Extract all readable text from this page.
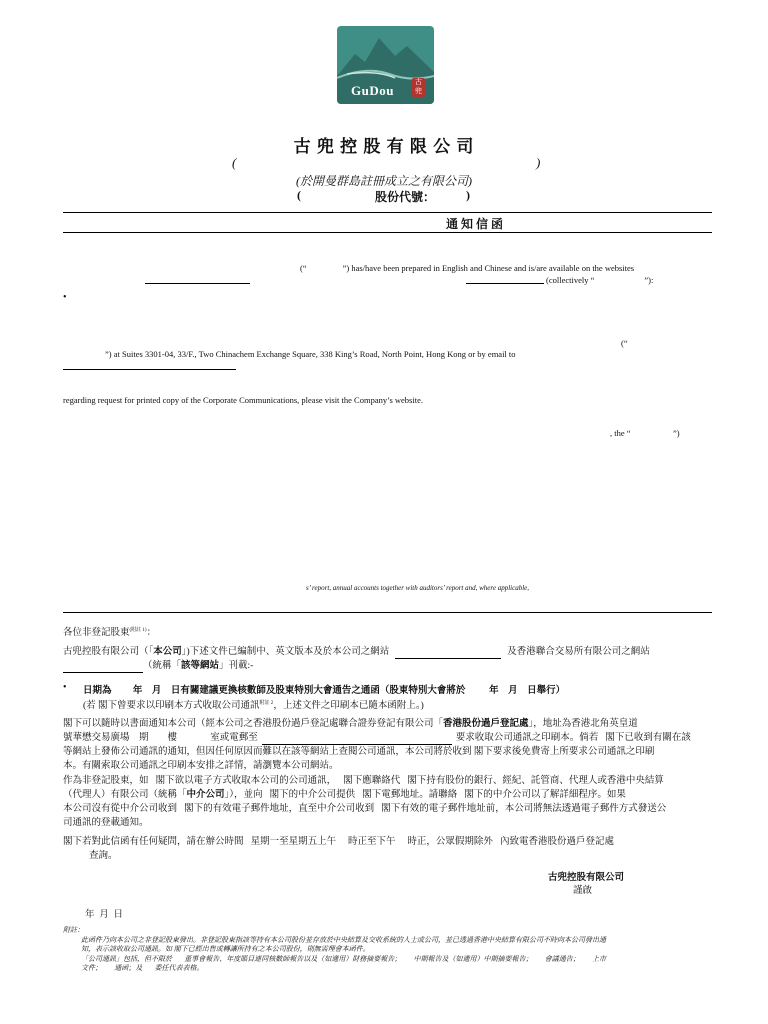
GuDou
古兜
古 兜 控 股 有 限 公 司
(	)
(於開曼群島註冊成立之有限公司)
(	股份代號：	)
通 知 信 函
(“	”) has/have been prepared in English and Chinese and is/are available on the websites
(collectively “	”):
•
(“
”) at Suites 3301-04, 33/F., Two Chinachem Exchange Square, 338 King’s Road, North Point, Hong Kong or by email to
regarding request for printed copy of the Corporate Communications, please visit the Company’s website.
, the “                    ”)
s’ report, annual accounts together with auditors’ report and, where applicable,
各位非登記股東$^{(附註 1)}$：
古兜控股有限公司（「本公司」)下述文件已編制中、英文版本及於本公司之網站	及香港聯合交易所有限公司之網站
（統稱「該等網站」刊載:-
• 日期為         年    月    日有關建議更換核數師及股東特別大會通告之通函（股東特別大會將於          年    月    日舉行）
(若 閣下曾要求以印刷本方式收取公司通訊$^{附註 2}$，上述文件之印刷本已隨本函附上。)
閣下可以隨時以書面通知本公司（經本公司之香港股份過戶登記處聯合證券登記有限公司「香港股份過戶登記處」，地址為香港北角英皇道
號華懋交易廣場    期        樓              室或電郵至	要求收取公司通訊之印刷本。倘若   閣下已收到有關在該
等網站上發佈公司通訊的通知，但因任何原因而難以在該等網站上查閱公司通訊，本公司將於收到 閣下要求後免費寄上所要求公司通訊之印刷
本。有關索取公司通訊之印刷本安排之詳情，請瀏覽本公司網站。
作為非登記股東，如   閣下欲以電子方式收取本公司的公司通訊，   閣下應聯絡代   閣下持有股份的銀行、經紀、託管商、代理人或香港中央結算
（代理人）有限公司（統稱「中介公司」），並向   閣下的中介公司提供   閣下電郵地址。請聯絡   閣下的中介公司以了解詳細程序。如果
本公司沒有從中介公司收到   閣下的有效電子郵件地址，直至中介公司收到   閣下有效的電子郵件地址前，本公司將無法透過電子郵件方式發送公
司通訊的登載通知。
閣下若對此信函有任何疑問，請在辦公時間   星期一至星期五上午     時正至下午     時正，公眾假期除外   內致電香港股份過戶登記處
查詢。
古兜控股有限公司
謹啟
年  月  日
附註：
此函件乃向本公司之非登記股東發出。非登記股東指該等持有本公司股份並存放於中央結算及交收系統的人士或公司，並已透過香港中央結算有限公司不時向本公司發出通
知，表示該收取公司通訊。如 閣下已經出售或轉讓所持有之本公司股份，則無需理會本函件。
「公司通訊」包括，但不限於       董事會報告、年度賬目連同核數師報告以及（如適用）財務摘要報告；       中期報告及（如適用）中期摘要報告；       會議通告；       上市
文件；       通函；及       委任代表表格。
